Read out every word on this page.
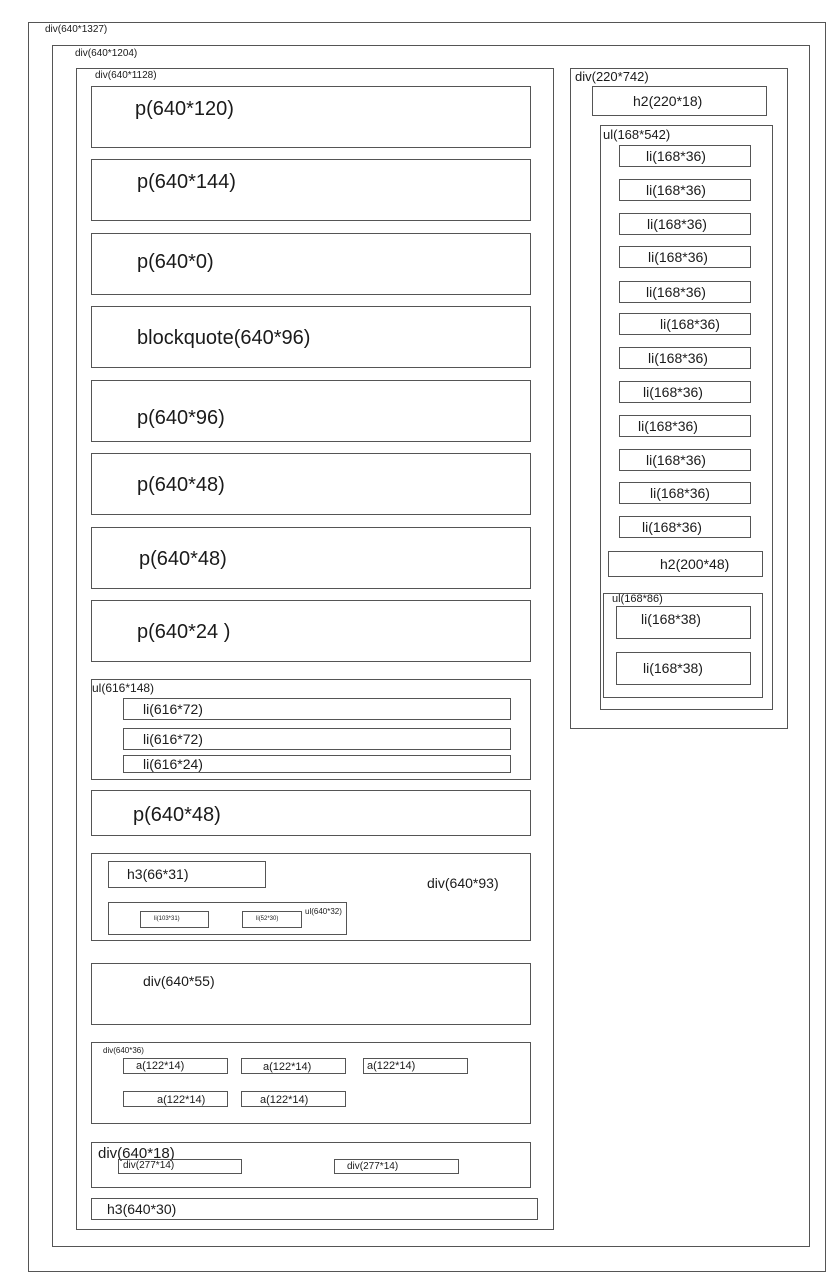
div(640*1327)
div(640*1204)
div(640*1128)
p(640*120)
p(640*144)
p(640*0)
blockquote(640*96)
p(640*96)
p(640*48)
p(640*48)
p(640*24 )
ul(616*148)
li(616*72)
li(616*72)
li(616*24)
p(640*48)
div(640*93)
h3(66*31)
ul(640*32)
li(103*31)	li(52*30)
div(640*55)
div(640*36)
a(122*14)	a(122*14)	a(122*14)
a(122*14)	a(122*14)
div(640*18)
div(277*14)	div(277*14)
h3(640*30)
div(220*742)
h2(220*18)
ul(168*542)
li(168*36)
li(168*36)
li(168*36)
li(168*36)
li(168*36)
li(168*36)
li(168*36)
li(168*36)
li(168*36)
li(168*36)
li(168*36)
li(168*36)
h2(200*48)
ul(168*86)
li(168*38)
li(168*38)
